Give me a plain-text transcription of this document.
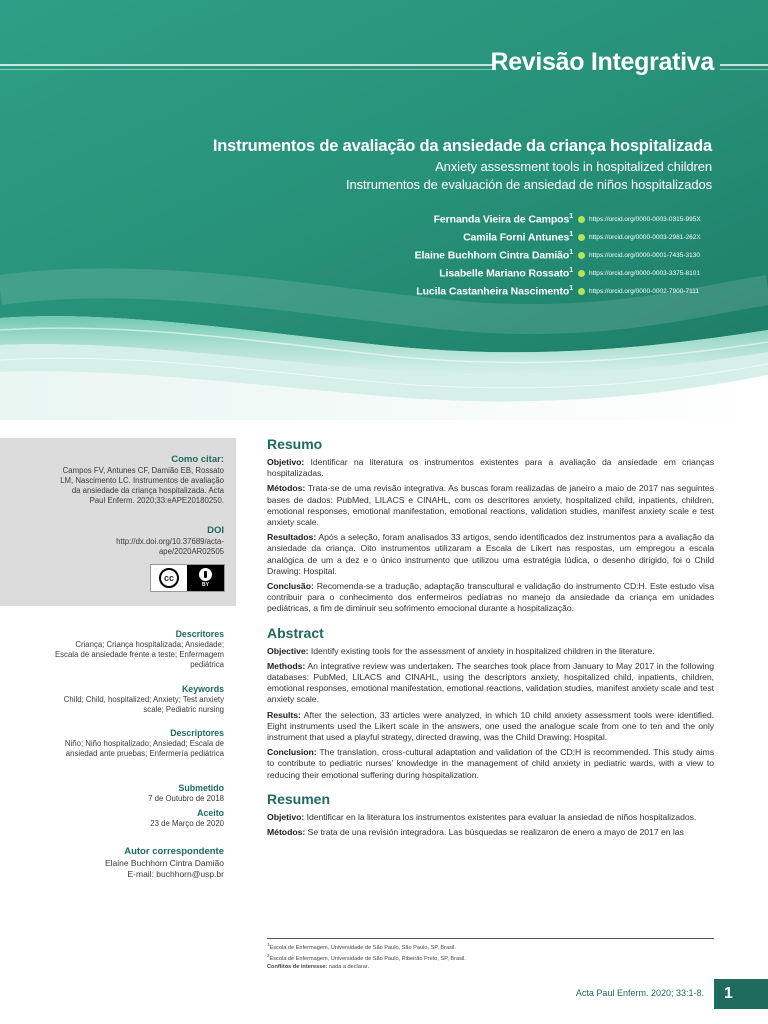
Revisão Integrativa
Instrumentos de avaliação da ansiedade da criança hospitalizada
Anxiety assessment tools in hospitalized children
Instrumentos de evaluación de ansiedad de niños hospitalizados
Fernanda Vieira de Campos$^1$ https://orcid.org/0000-0003-0315-995X
Camila Forni Antunes$^1$ https://orcid.org/0000-0003-2981-262X
Elaine Buchhorn Cintra Damião$^1$ https://orcid.org/0000-0001-7435-3130
Lisabelle Mariano Rossato$^1$ https://orcid.org/0000-0003-3375-8101
Lucila Castanheira Nascimento$^1$ https://orcid.org/0000-0002-7900-7111
Como citar:
Campos FV, Antunes CF, Damião EB, Rossato
LM, Nascimento LC. Instrumentos de avaliação
da ansiedade da criança hospitalizada. Acta
Paul Enferm. 2020;33:eAPE20180250.
DOI
http://dx.doi.org/10.37689/acta-
ape/2020AR02505
cc
BY
Descritores
Criança; Criança hospitalizada; Ansiedade;
Escala de ansiedade frente a teste; Enfermagem
pediátrica
Keywords
Child; Child, hospitalized; Anxiety; Test anxiety
scale; Pediatric nursing
Descriptores
Niño; Niño hospitalizado; Ansiedad; Escala de
ansiedad ante pruebas; Enfermería pediátrica
Submetido
7 de Outubro de 2018
Aceito
23 de Março de 2020
Autor correspondente
Elaine Buchhorn Cintra Damião
E-mail: buchhorn@usp.br
Resumo

Objetivo: Identificar na literatura os instrumentos existentes para a avaliação da ansiedade em crianças hospitalizadas.

Métodos: Trata-se de uma revisão integrativa. As buscas foram realizadas de janeiro a maio de 2017 nas seguintes bases de dados: PubMed, LILACS e CINAHL, com os descritores anxiety, hospitalized child, inpatients, children, emotional responses, emotional manifestation, emotional reactions, validation studies, manifest anxiety scale e test anxiety scale.

Resultados: Após a seleção, foram analisados 33 artigos, sendo identificados dez instrumentos para a avaliação da ansiedade da criança. Oito instrumentos utilizaram a Escala de Likert nas respostas, um empregou a escala analógica de um a dez e o único instrumento que utilizou uma estratégia lúdica, o desenho dirigido, foi o Child Drawing: Hospital.

Conclusão: Recomenda-se a tradução, adaptação transcultural e validação do instrumento CD:H. Este estudo visa contribuir para o conhecimento dos enfermeiros pediatras no manejo da ansiedade da criança em unidades pediátricas, a fim de diminuir seu sofrimento emocional durante a hospitalização.

Abstract

Objective: Identify existing tools for the assessment of anxiety in hospitalized children in the literature.

Methods: An integrative review was undertaken. The searches took place from January to May 2017 in the following databases: PubMed, LILACS and CINAHL, using the descriptors anxiety, hospitalized child, inpatients, children, emotional responses, emotional manifestation, emotional reactions, validation studies, manifest anxiety scale and test anxiety scale.

Results: After the selection, 33 articles were analyzed, in which 10 child anxiety assessment tools were identified. Eight instruments used the Likert scale in the answers, one used the analogue scale from one to ten and the only instrument that used a playful strategy, directed drawing, was the Child Drawing: Hospital.

Conclusion: The translation, cross-cultural adaptation and validation of the CD:H is recommended. This study aims to contribute to pediatric nurses' knowledge in the management of child anxiety in pediatric wards, with a view to reducing their emotional suffering during hospitalization.

Resumen

Objetivo: Identificar en la literatura los instrumentos existentes para evaluar la ansiedad de niños hospitalizados.

Métodos: Se trata de una revisión integradora. Las búsquedas se realizaron de enero a mayo de 2017 en las

$^1$Escola de Enfermagem, Universidade de São Paulo, São Paulo, SP, Brasil.
$^2$Escola de Enfermagem, Universidade de São Paulo, Ribeirão Preto, SP, Brasil.
Conflitos de interesse: nada a declarar.
Acta Paul Enferm. 2020; 33:1-8.	1
